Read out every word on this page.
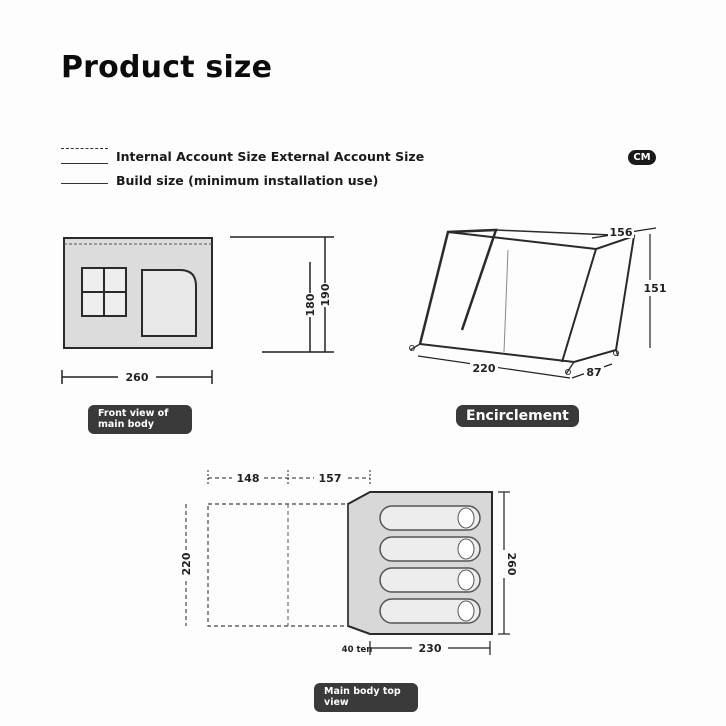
Product size
Internal Account Size External Account Size
Build size (minimum installation use)
CM
260
180 190
156
151
220	87
148	157
220	260
230
40 ten
Front view of main body
Encirclement
Main body top view
